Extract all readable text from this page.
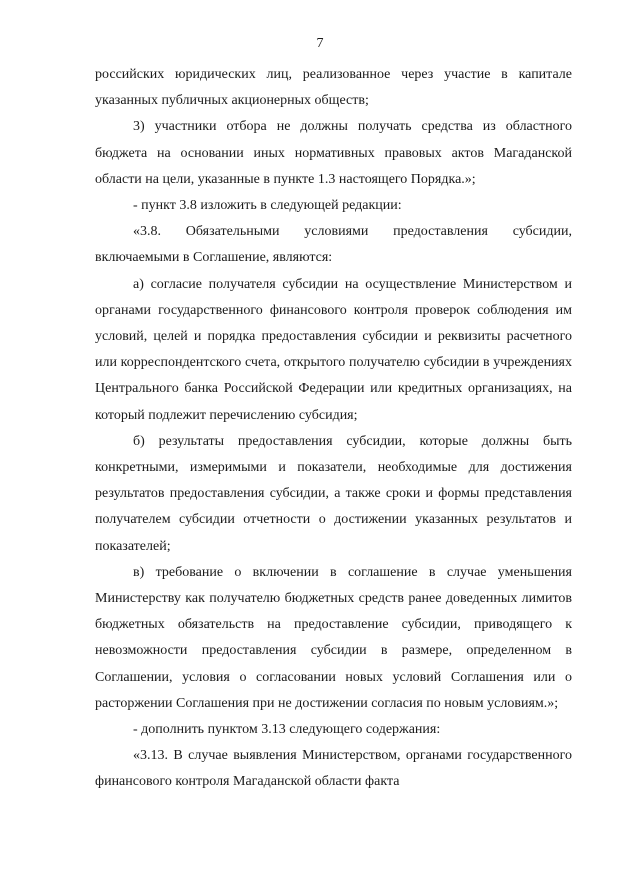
7

российских юридических лиц, реализованное через участие в капитале указанных публичных акционерных обществ;

3) участники отбора не должны получать средства из областного бюджета на основании иных нормативных правовых актов Магаданской области на цели, указанные в пункте 1.3 настоящего Порядка.»;

- пункт 3.8 изложить в следующей редакции:

«3.8. Обязательными условиями предоставления субсидии, включаемыми в Соглашение, являются:

а) согласие получателя субсидии на осуществление Министерством и органами государственного финансового контроля проверок соблюдения им условий, целей и порядка предоставления субсидии и реквизиты расчетного или корреспондентского счета, открытого получателю субсидии в учреждениях Центрального банка Российской Федерации или кредитных организациях, на который подлежит перечислению субсидия;

б) результаты предоставления субсидии, которые должны быть конкретными, измеримыми и показатели, необходимые для достижения результатов предоставления субсидии, а также сроки и формы представления получателем субсидии отчетности о достижении указанных результатов и показателей;

в) требование о включении в соглашение в случае уменьшения Министерству как получателю бюджетных средств ранее доведенных лимитов бюджетных обязательств на предоставление субсидии, приводящего к невозможности предоставления субсидии в размере, определенном в Соглашении, условия о согласовании новых условий Соглашения или о расторжении Соглашения при не достижении согласия по новым условиям.»;

- дополнить пунктом 3.13 следующего содержания:

«3.13. В случае выявления Министерством, органами государственного финансового контроля Магаданской области факта
